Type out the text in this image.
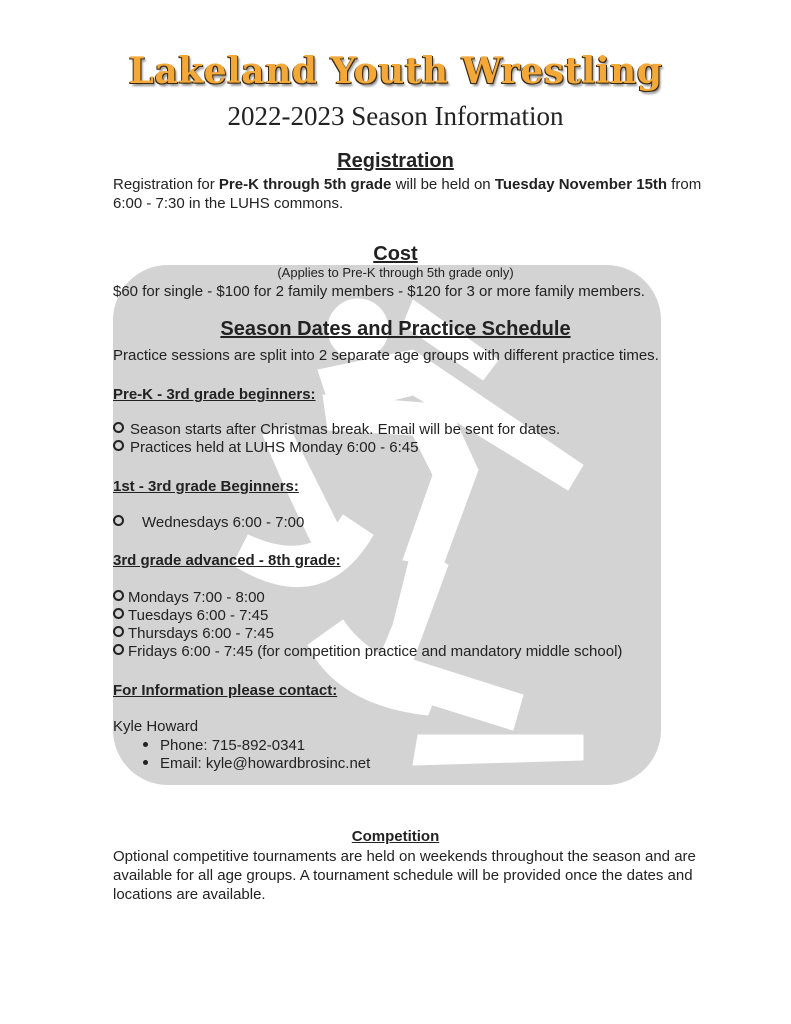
Lakeland Youth Wrestling
2022-2023 Season Information
Registration
Registration for Pre-K through 5th grade will be held on Tuesday November 15th from 6:00 - 7:30 in the LUHS commons.
Cost
(Applies to Pre-K through 5th grade only)
$60 for single - $100 for 2 family members - $120 for 3 or more family members.
Season Dates and Practice Schedule
Practice sessions are split into 2 separate age groups with different practice times.
Pre-K - 3rd grade beginners:
Season starts after Christmas break. Email will be sent for dates.
Practices held at LUHS Monday 6:00 - 6:45
1st - 3rd grade Beginners:
Wednesdays 6:00 - 7:00
3rd grade advanced - 8th grade:
Mondays 7:00 - 8:00
Tuesdays 6:00 - 7:45
Thursdays 6:00 - 7:45
Fridays 6:00 - 7:45 (for competition practice and mandatory middle school)
For Information please contact:
Kyle Howard
Phone: 715-892-0341
Email: kyle@howardbrosinc.net
Competition
Optional competitive tournaments are held on weekends throughout the season and are available for all age groups. A tournament schedule will be provided once the dates and locations are available.
